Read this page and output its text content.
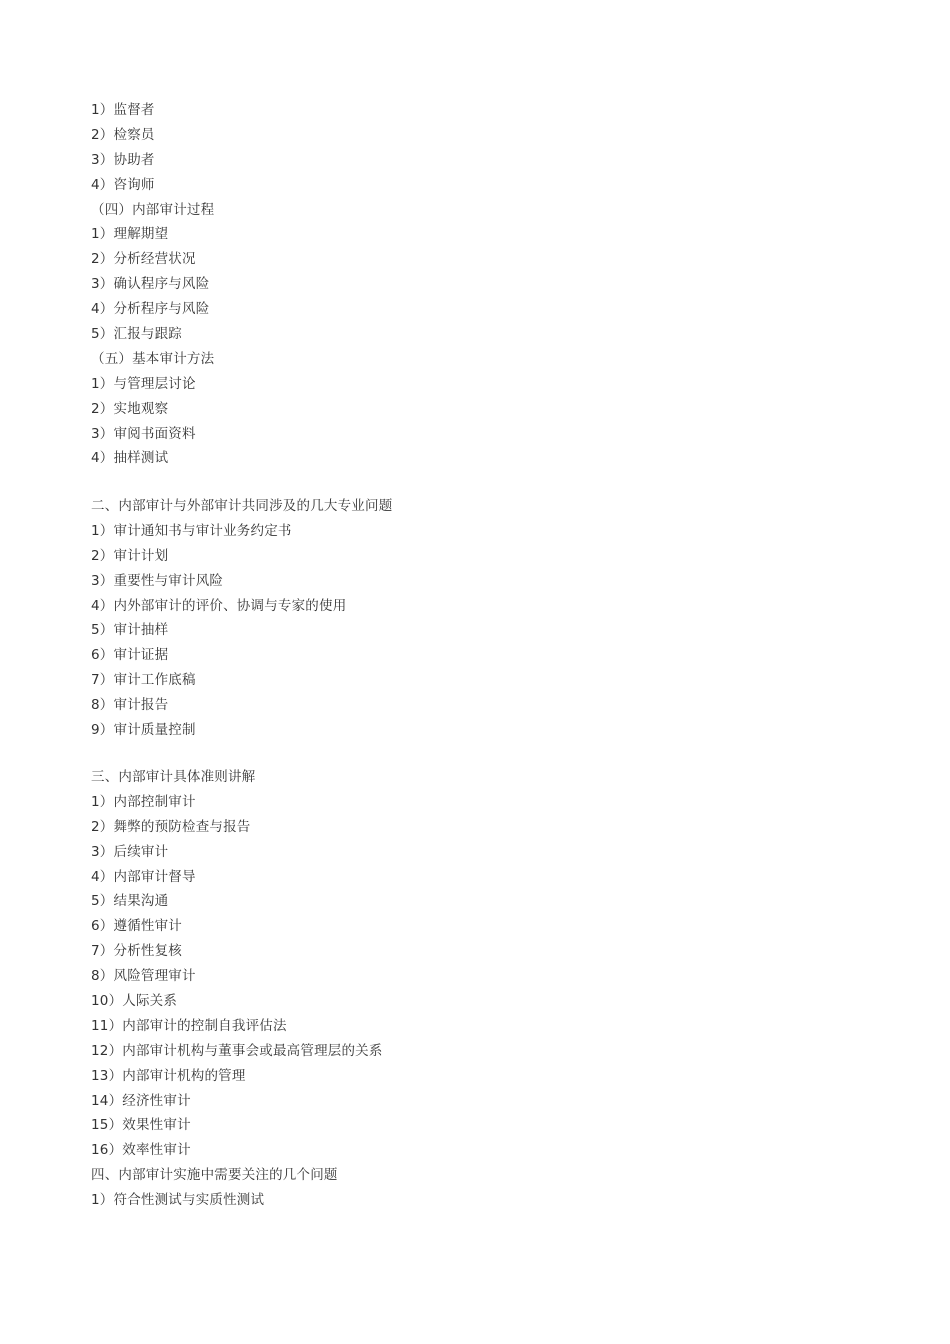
1）监督者
2）检察员
3）协助者
4）咨询师
（四）内部审计过程
1）理解期望
2）分析经营状况
3）确认程序与风险
4）分析程序与风险
5）汇报与跟踪
（五）基本审计方法
1）与管理层讨论
2）实地观察
3）审阅书面资料
4）抽样测试
二、内部审计与外部审计共同涉及的几大专业问题
1）审计通知书与审计业务约定书
2）审计计划
3）重要性与审计风险
4）内外部审计的评价、协调与专家的使用
5）审计抽样
6）审计证据
7）审计工作底稿
8）审计报告
9）审计质量控制
三、内部审计具体准则讲解
1）内部控制审计
2）舞弊的预防检查与报告
3）后续审计
4）内部审计督导
5）结果沟通
6）遵循性审计
7）分析性复核
8）风险管理审计
10）人际关系
11）内部审计的控制自我评估法
12）内部审计机构与董事会或最高管理层的关系
13）内部审计机构的管理
14）经济性审计
15）效果性审计
16）效率性审计
四、内部审计实施中需要关注的几个问题
1）符合性测试与实质性测试
